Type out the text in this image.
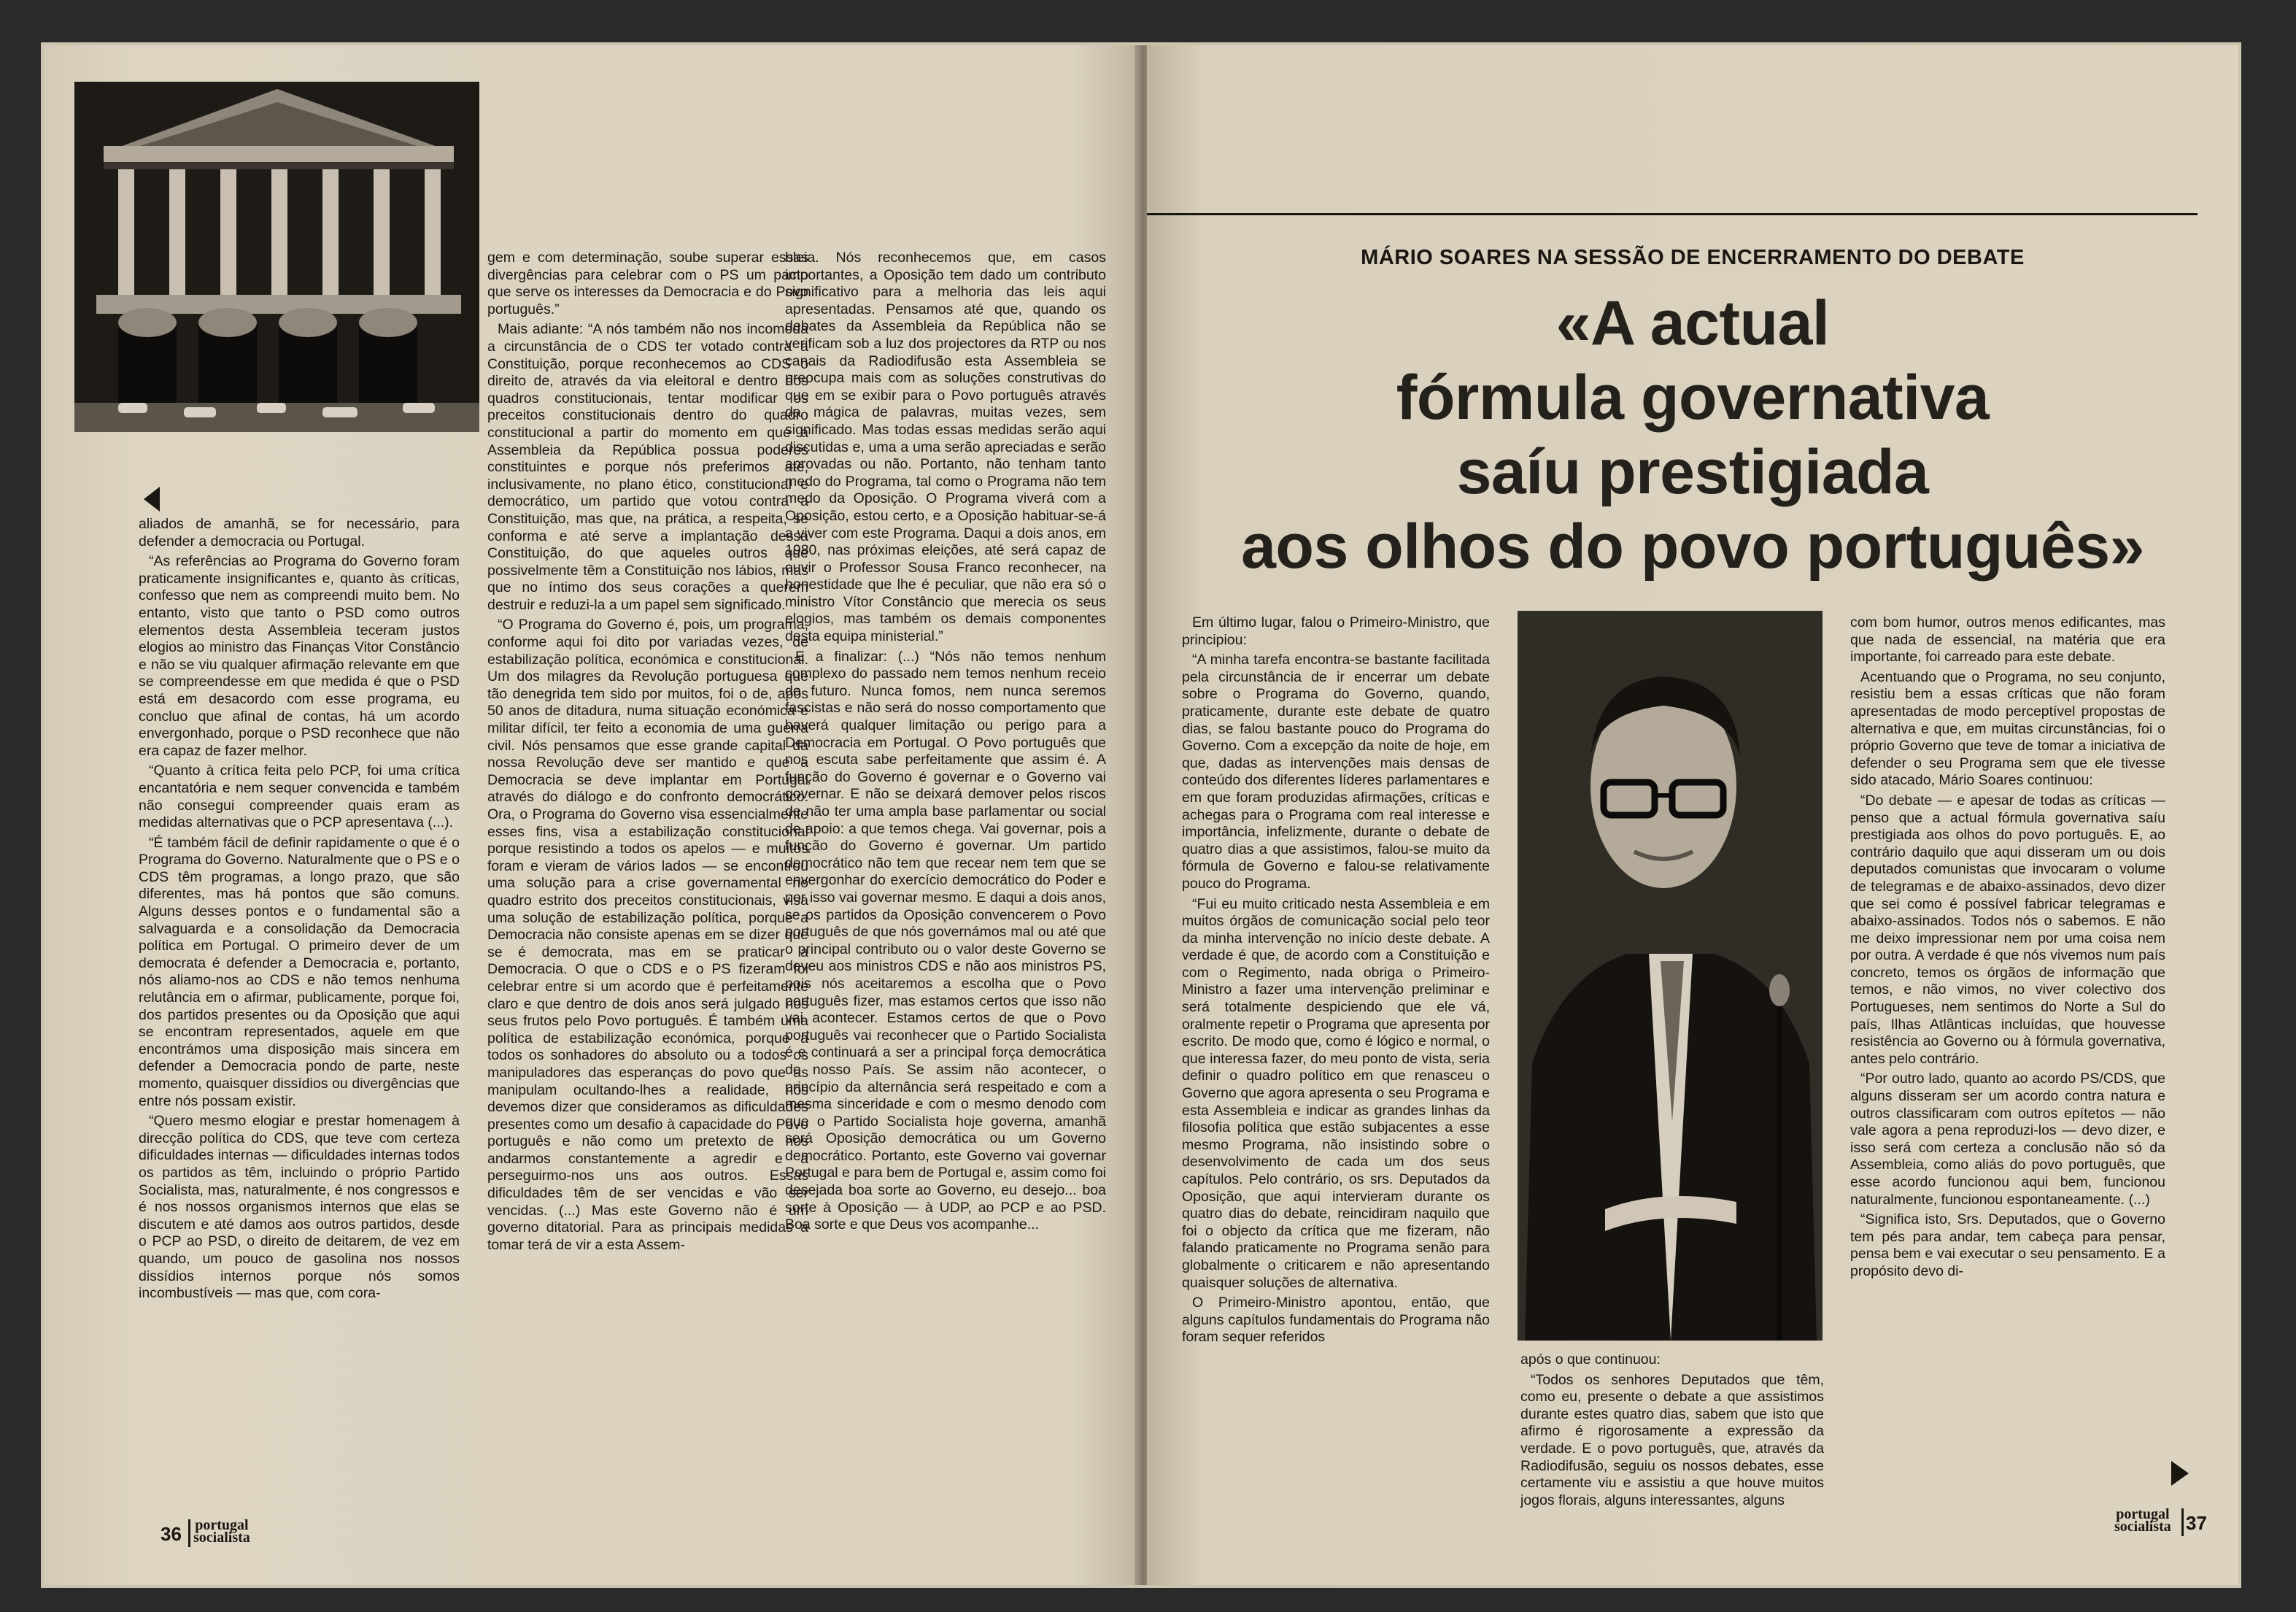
aliados de amanhã, se for necessário, para defender a democracia ou Portugal.

“As referências ao Programa do Governo foram praticamente insignificantes e, quanto às críticas, confesso que nem as compreendi muito bem. No entanto, visto que tanto o PSD como outros elementos desta Assembleia teceram justos elogios ao ministro das Finanças Vitor Constâncio e não se viu qualquer afirmação relevante em que se compreendesse em que medida é que o PSD está em desacordo com esse programa, eu concluo que afinal de contas, há um acordo envergonhado, porque o PSD reconhece que não era capaz de fazer melhor.

“Quanto à crítica feita pelo PCP, foi uma crítica encantatória e nem sequer convencida e também não consegui compreender quais eram as medidas alternativas que o PCP apresentava (...).

“É também fácil de definir rapidamente o que é o Programa do Governo. Naturalmente que o PS e o CDS têm programas, a longo prazo, que são diferentes, mas há pontos que são comuns. Alguns desses pontos e o fundamental são a salvaguarda e a consolidação da Democracia política em Portugal. O primeiro dever de um democrata é defender a Democracia e, portanto, nós aliamo-nos ao CDS e não temos nenhuma relutância em o afirmar, publicamente, porque foi, dos partidos presentes ou da Oposição que aqui se encontram representados, aquele em que encontrámos uma disposição mais sincera em defender a Democracia pondo de parte, neste momento, quaisquer dissídios ou divergências que entre nós possam existir.

“Quero mesmo elogiar e prestar homenagem à direcção política do CDS, que teve com certeza dificuldades internas — dificuldades internas todos os partidos as têm, incluindo o próprio Partido Socialista, mas, naturalmente, é nos congressos e é nos nossos organismos internos que elas se discutem e até damos aos outros partidos, desde o PCP ao PSD, o direito de deitarem, de vez em quando, um pouco de gasolina nos nossos dissídios internos porque nós somos incombustíveis — mas que, com cora-

gem e com determinação, soube superar essas divergências para celebrar com o PS um pacto que serve os interesses da Democracia e do Povo português.”

Mais adiante: “A nós também não nos incomoda a circunstância de o CDS ter votado contra a Constituição, porque reconhecemos ao CDS o direito de, através da via eleitoral e dentro dos quadros constitucionais, tentar modificar os preceitos constitucionais dentro do quadro constitucional a partir do momento em que a Assembleia da República possua poderes constituintes e porque nós preferimos até, inclusivamente, no plano ético, constitucional e democrático, um partido que votou contra a Constituição, mas que, na prática, a respeita, se conforma e até serve a implantação dessa Constituição, do que aqueles outros que possivelmente têm a Constituição nos lábios, mas que no íntimo dos seus corações a querem destruir e reduzi-la a um papel sem significado.

“O Programa do Governo é, pois, um programa, conforme aqui foi dito por variadas vezes, de estabilização política, económica e constitucional. Um dos milagres da Revolução portuguesa que tão denegrida tem sido por muitos, foi o de, após 50 anos de ditadura, numa situação económica e militar difícil, ter feito a economia de uma guerra civil. Nós pensamos que esse grande capital da nossa Revolução deve ser mantido e que a Democracia se deve implantar em Portugal através do diálogo e do confronto democrático. Ora, o Programa do Governo visa essencialmente esses fins, visa a estabilização constitucional porque resistindo a todos os apelos — e muitos foram e vieram de vários lados — se encontrou uma solução para a crise governamental no quadro estrito dos preceitos constitucionais, visa uma solução de estabilização política, porque a Democracia não consiste apenas em se dizer que se é democrata, mas em se praticar a Democracia. O que o CDS e o PS fizeram foi celebrar entre si um acordo que é perfeitamente claro e que dentro de dois anos será julgado nos seus frutos pelo Povo português. É também uma política de estabilização económica, porque a todos os sonhadores do absoluto ou a todos os manipuladores das esperanças do povo que as manipulam ocultando-lhes a realidade, nós devemos dizer que consideramos as dificuldades presentes como um desafio à capacidade do Povo português e não como um pretexto de nos andarmos constantemente a agredir e a perseguirmo-nos uns aos outros. Essas dificuldades têm de ser vencidas e vão ser vencidas. (...) Mas este Governo não é um governo ditatorial. Para as principais medidas a tomar terá de vir a esta Assem-

bleia. Nós reconhecemos que, em casos importantes, a Oposição tem dado um contributo significativo para a melhoria das leis aqui apresentadas. Pensamos até que, quando os debates da Assembleia da República não se verificam sob a luz dos projectores da RTP ou nos canais da Radiodifusão esta Assembleia se preocupa mais com as soluções construtivas do que em se exibir para o Povo português através da mágica de palavras, muitas vezes, sem significado. Mas todas essas medidas serão aqui discutidas e, uma a uma serão apreciadas e serão aprovadas ou não. Portanto, não tenham tanto medo do Programa, tal como o Programa não tem medo da Oposição. O Programa viverá com a Oposição, estou certo, e a Oposição habituar-se-á a viver com este Programa. Daqui a dois anos, em 1980, nas próximas eleições, até será capaz de ouvir o Professor Sousa Franco reconhecer, na honestidade que lhe é peculiar, que não era só o ministro Vítor Constâncio que merecia os seus elogios, mas também os demais componentes desta equipa ministerial.”

E a finalizar: (...) “Nós não temos nenhum complexo do passado nem temos nenhum receio do futuro. Nunca fomos, nem nunca seremos fascistas e não será do nosso comportamento que haverá qualquer limitação ou perigo para a Democracia em Portugal. O Povo português que nos escuta sabe perfeitamente que assim é. A função do Governo é governar e o Governo vai governar. E não se deixará demover pelos riscos de não ter uma ampla base parlamentar ou social de apoio: a que temos chega. Vai governar, pois a função do Governo é governar. Um partido democrático não tem que recear nem tem que se envergonhar do exercício democrático do Poder e por isso vai governar mesmo. E daqui a dois anos, se os partidos da Oposição convencerem o Povo português de que nós governámos mal ou até que o principal contributo ou o valor deste Governo se deveu aos ministros CDS e não aos ministros PS, pois nós aceitaremos a escolha que o Povo português fizer, mas estamos certos que isso não vai acontecer. Estamos certos de que o Povo português vai reconhecer que o Partido Socialista é e continuará a ser a principal força democrática do nosso País. Se assim não acontecer, o princípio da alternância será respeitado e com a mesma sinceridade e com o mesmo denodo com que o Partido Socialista hoje governa, amanhã será Oposição democrática ou um Governo democrático. Portanto, este Governo vai governar Portugal e para bem de Portugal e, assim como foi desejada boa sorte ao Governo, eu desejo... boa sorte à Oposição — à UDP, ao PCP e ao PSD. Boa sorte e que Deus vos acompanhe...

36 portugal
socialista
MÁRIO SOARES NA SESSÃO DE ENCERRAMENTO DO DEBATE
«A actual
fórmula governativa
saíu prestigiada
aos olhos do povo português»

Em último lugar, falou o Primeiro-Ministro, que principiou:

“A minha tarefa encontra-se bastante facilitada pela circunstância de ir encerrar um debate sobre o Programa do Governo, quando, praticamente, durante este debate de quatro dias, se falou bastante pouco do Programa do Governo. Com a excepção da noite de hoje, em que, dadas as intervenções mais densas de conteúdo dos diferentes líderes parlamentares e em que foram produzidas afirmações, críticas e achegas para o Programa com real interesse e importância, infelizmente, durante o debate de quatro dias a que assistimos, falou-se muito da fórmula de Governo e falou-se relativamente pouco do Programa.

“Fui eu muito criticado nesta Assembleia e em muitos órgãos de comunicação social pelo teor da minha intervenção no início deste debate. A verdade é que, de acordo com a Constituição e com o Regimento, nada obriga o Primeiro-Ministro a fazer uma intervenção preliminar e será totalmente despiciendo que ele vá, oralmente repetir o Programa que apresenta por escrito. De modo que, como é lógico e normal, o que interessa fazer, do meu ponto de vista, seria definir o quadro político em que renasceu o Governo que agora apresenta o seu Programa e esta Assembleia e indicar as grandes linhas da filosofia política que estão subjacentes a esse mesmo Programa, não insistindo sobre o desenvolvimento de cada um dos seus capítulos. Pelo contrário, os srs. Deputados da Oposição, que aqui intervieram durante os quatro dias do debate, reincidiram naquilo que foi o objecto da crítica que me fizeram, não falando praticamente no Programa senão para globalmente o criticarem e não apresentando quaisquer soluções de alternativa.

O Primeiro-Ministro apontou, então, que alguns capítulos fundamentais do Programa não foram sequer referidos

após o que continuou:

“Todos os senhores Deputados que têm, como eu, presente o debate a que assistimos durante estes quatro dias, sabem que isto que afirmo é rigorosamente a expressão da verdade. E o povo português, que, através da Radiodifusão, seguiu os nossos debates, esse certamente viu e assistiu a que houve muitos jogos florais, alguns interessantes, alguns

com bom humor, outros menos edificantes, mas que nada de essencial, na matéria que era importante, foi carreado para este debate.

Acentuando que o Programa, no seu conjunto, resistiu bem a essas críticas que não foram apresentadas de modo perceptível propostas de alternativa e que, em muitas circunstâncias, foi o próprio Governo que teve de tomar a iniciativa de defender o seu Programa sem que ele tivesse sido atacado, Mário Soares continuou:

“Do debate — e apesar de todas as críticas — penso que a actual fórmula governativa saíu prestigiada aos olhos do povo português. E, ao contrário daquilo que aqui disseram um ou dois deputados comunistas que invocaram o volume de telegramas e de abaixo-assinados, devo dizer que sei como é possível fabricar telegramas e abaixo-assinados. Todos nós o sabemos. E não me deixo impressionar nem por uma coisa nem por outra. A verdade é que nós vivemos num país concreto, temos os órgãos de informação que temos, e não vimos, no viver colectivo dos Portugueses, nem sentimos do Norte a Sul do país, Ilhas Atlânticas incluídas, que houvesse resistência ao Governo ou à fórmula governativa, antes pelo contrário.

“Por outro lado, quanto ao acordo PS/CDS, que alguns disseram ser um acordo contra natura e outros classificaram com outros epítetos — não vale agora a pena reproduzi-los — devo dizer, e isso será com certeza a conclusão não só da Assembleia, como aliás do povo português, que esse acordo funcionou aqui bem, funcionou naturalmente, funcionou espontaneamente. (...)

“Significa isto, Srs. Deputados, que o Governo tem pés para andar, tem cabeça para pensar, pensa bem e vai executar o seu pensamento. E a propósito devo di-

portugal
socialista 37
